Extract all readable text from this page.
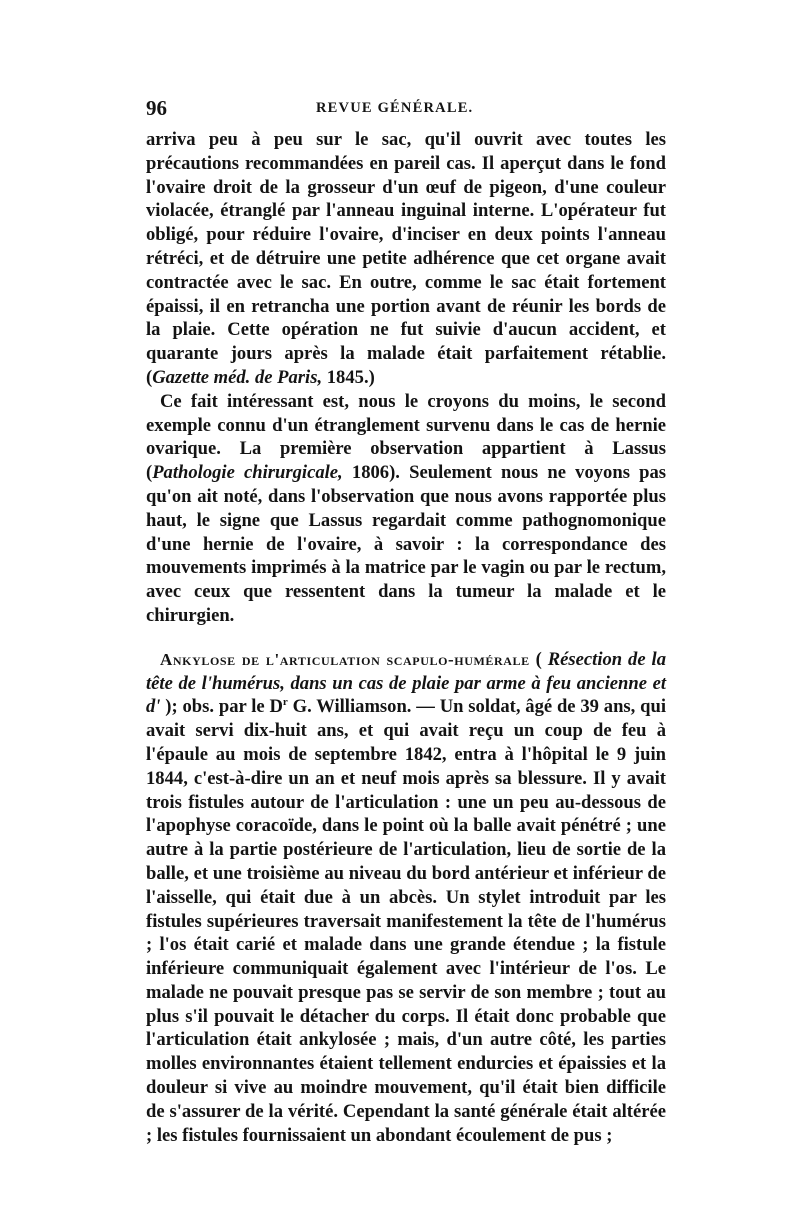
96	REVUE GÉNÉRALE.

arriva peu à peu sur le sac, qu'il ouvrit avec toutes les précautions recommandées en pareil cas. Il aperçut dans le fond l'ovaire droit de la grosseur d'un œuf de pigeon, d'une couleur violacée, étranglé par l'anneau inguinal interne. L'opérateur fut obligé, pour réduire l'ovaire, d'inciser en deux points l'anneau rétréci, et de détruire une petite adhérence que cet organe avait contractée avec le sac. En outre, comme le sac était fortement épaissi, il en retrancha une portion avant de réunir les bords de la plaie. Cette opération ne fut suivie d'aucun accident, et quarante jours après la malade était parfaitement rétablie. (Gazette méd. de Paris, 1845.)

Ce fait intéressant est, nous le croyons du moins, le second exemple connu d'un étranglement survenu dans le cas de hernie ovarique. La première observation appartient à Lassus (Pathologie chirurgicale, 1806). Seulement nous ne voyons pas qu'on ait noté, dans l'observation que nous avons rapportée plus haut, le signe que Lassus regardait comme pathognomonique d'une hernie de l'ovaire, à savoir : la correspondance des mouvements imprimés à la matrice par le vagin ou par le rectum, avec ceux que ressentent dans la tumeur la malade et le chirurgien.

Ankylose de l'articulation scapulo-humérale ( Résection de la tête de l'humérus, dans un cas de plaie par arme à feu ancienne et d' ); obs. par le $D^r$ G. Williamson. — Un soldat, âgé de 39 ans, qui avait servi dix-huit ans, et qui avait reçu un coup de feu à l'épaule au mois de septembre 1842, entra à l'hôpital le 9 juin 1844, c'est-à-dire un an et neuf mois après sa blessure. Il y avait trois fistules autour de l'articulation : une un peu au-dessous de l'apophyse coracoïde, dans le point où la balle avait pénétré ; une autre à la partie postérieure de l'articulation, lieu de sortie de la balle, et une troisième au niveau du bord antérieur et inférieur de l'aisselle, qui était due à un abcès. Un stylet introduit par les fistules supérieures traversait manifestement la tête de l'humérus ; l'os était carié et malade dans une grande étendue ; la fistule inférieure communiquait également avec l'intérieur de l'os. Le malade ne pouvait presque pas se servir de son membre ; tout au plus s'il pouvait le détacher du corps. Il était donc probable que l'articulation était ankylosée ; mais, d'un autre côté, les parties molles environnantes étaient tellement endurcies et épaissies et la douleur si vive au moindre mouvement, qu'il était bien difficile de s'assurer de la vérité. Cependant la santé générale était altérée ; les fistules fournissaient un abondant écoulement de pus ;
